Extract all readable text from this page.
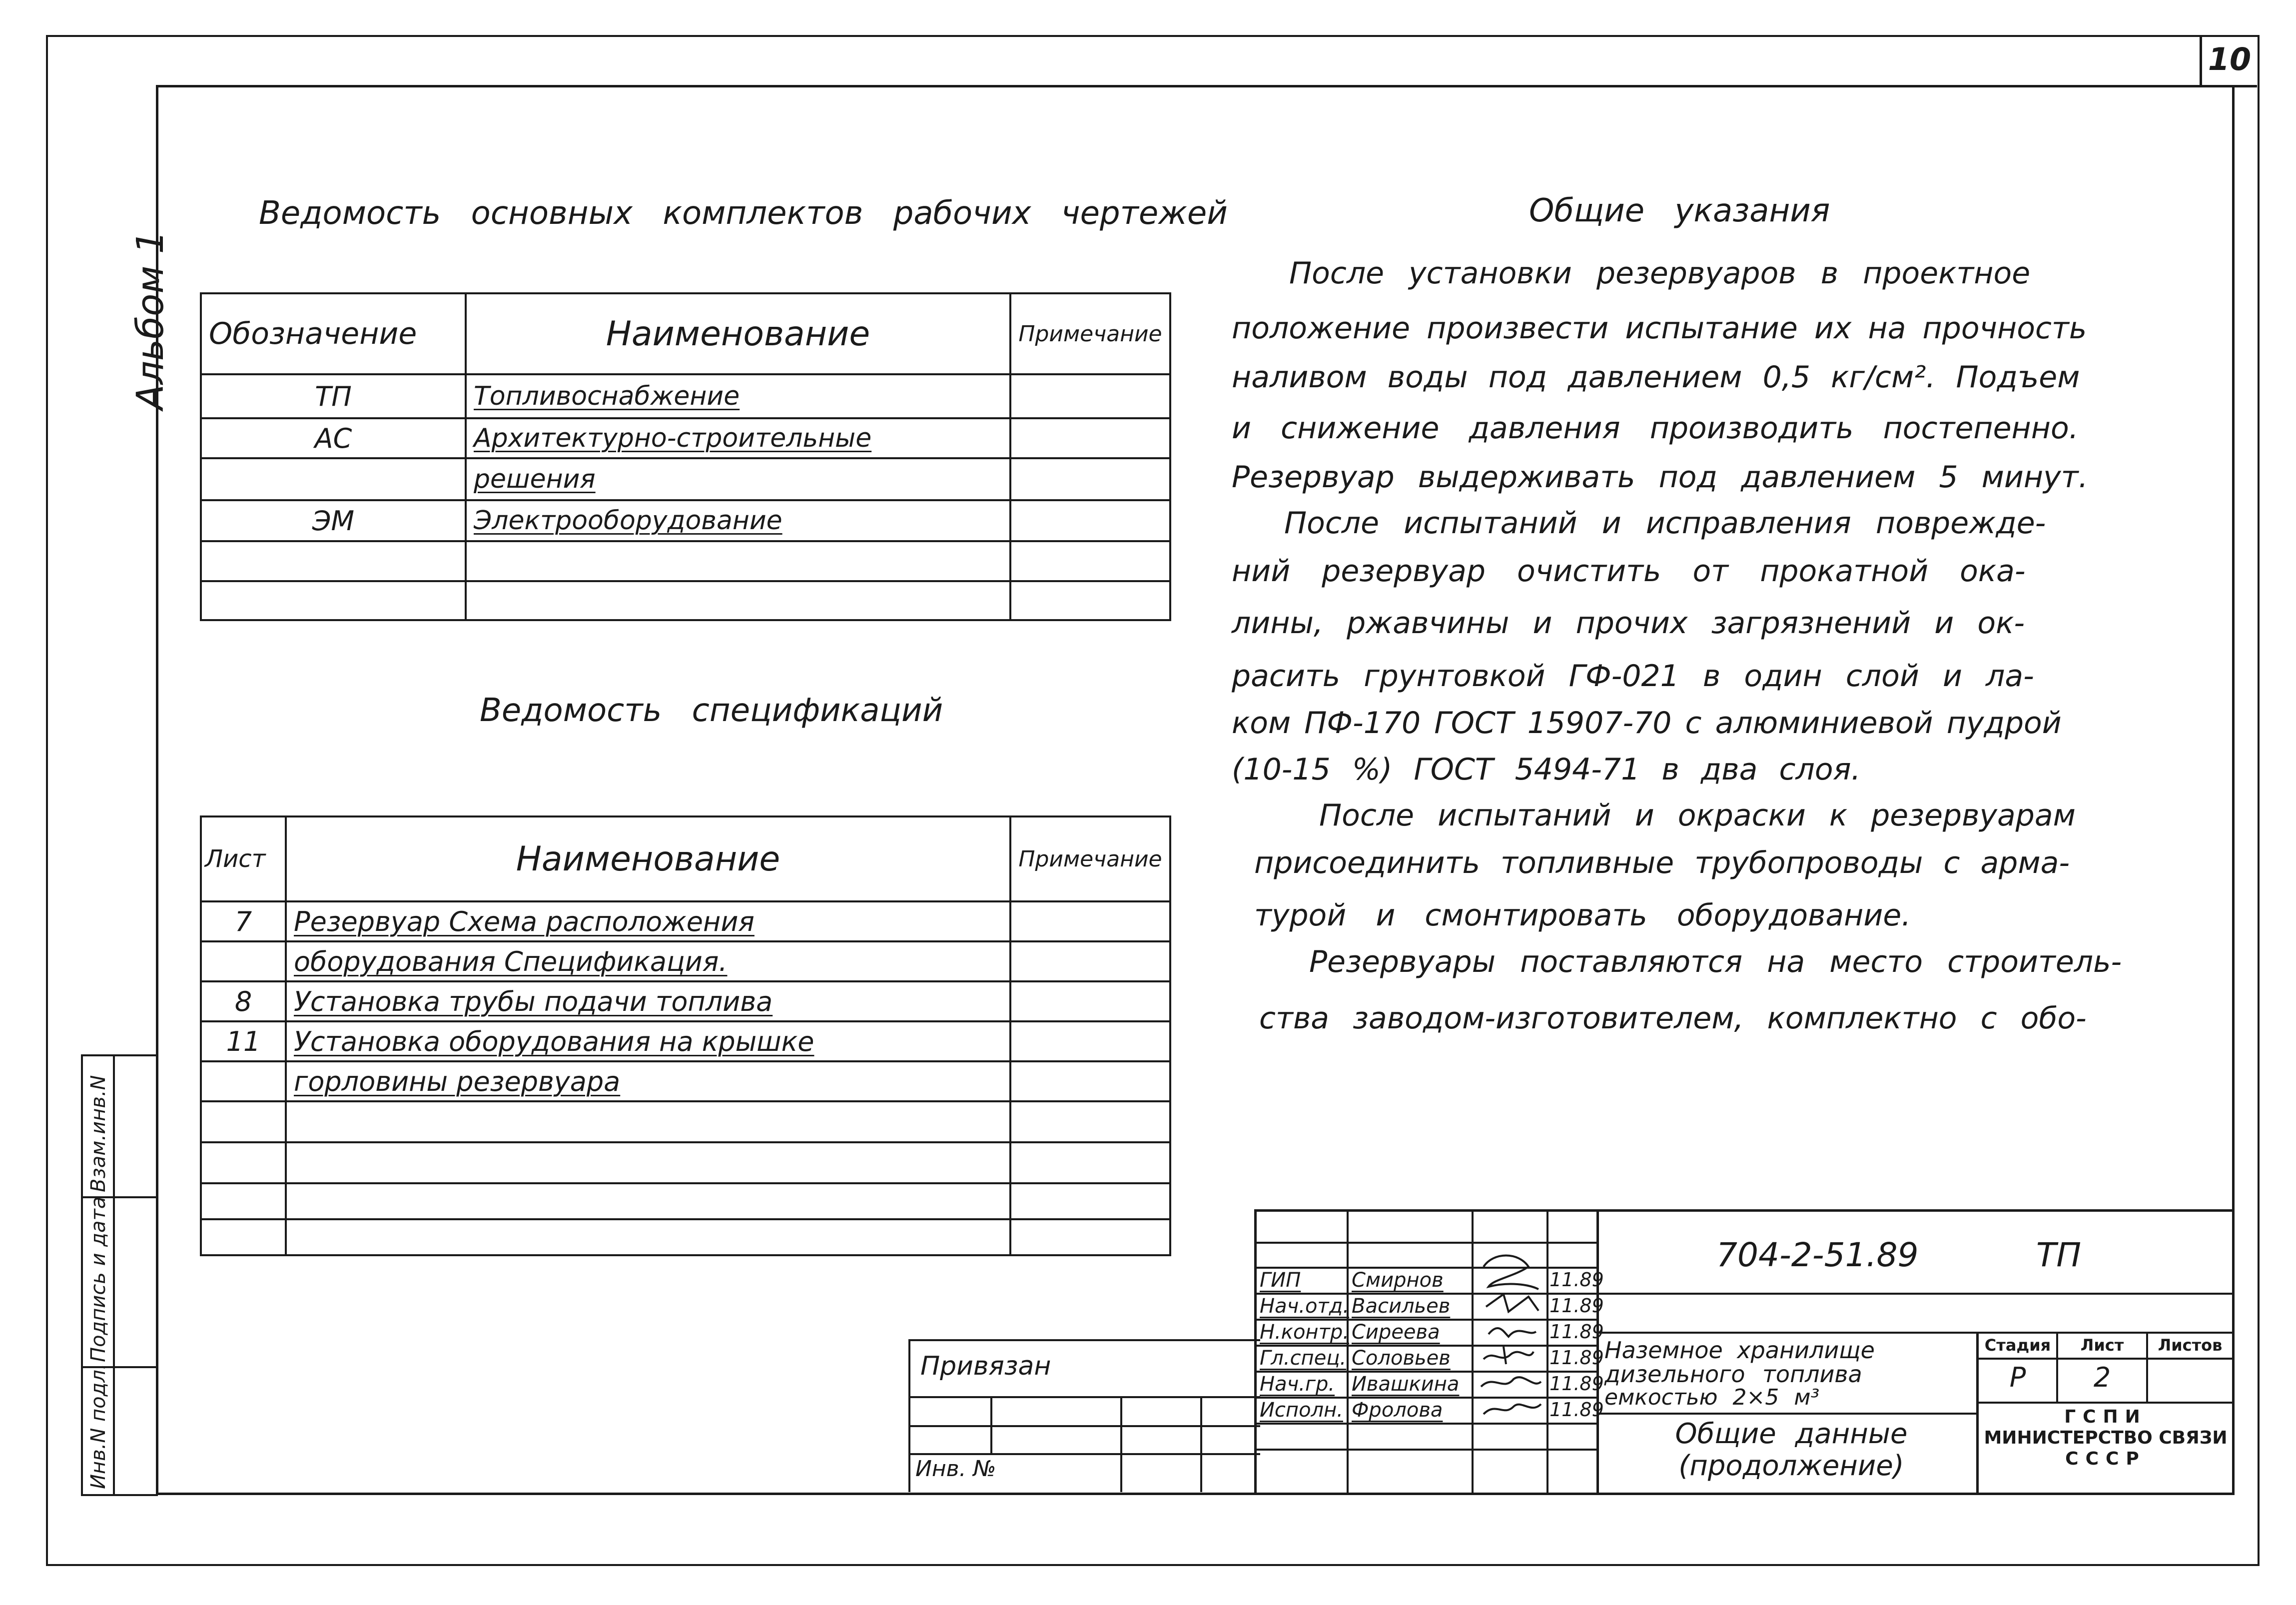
10
Альбом 1
Инв.N подл.
Подпись и дата
Взам.инв.N
Ведомость основных комплектов рабочих чертежей
Обозначение	Наименование	Примечание
ТП	Топливоснабжение	
АС	Архитектурно-строительные	
	решения	
ЭМ	Электрооборудование	

Ведомость спецификаций
Лист	Наименование	Примечание
7	Резервуар Схема расположения	
	оборудования Спецификация.	
8	Установка трубы подачи топлива	
11	Установка оборудования на крышке	
	горловины резервуара	

Общие указания
После установки резервуаров в проектное
положение произвести испытание их на прочность
наливом воды под давлением 0,5 кг/см². Подъем
и снижение давления производить постепенно.
Резервуар выдерживать под давлением 5 минут.
После испытаний и исправления поврежде-
ний резервуар очистить от прокатной ока-
лины, ржавчины и прочих загрязнений и ок-
расить грунтовкой ГФ-021 в один слой и ла-
ком ПФ-170 ГОСТ 15907-70 с алюминиевой пудрой
(10-15 %) ГОСТ 5494-71 в два слоя.
После испытаний и окраски к резервуарам
присоединить топливные трубопроводы с арма-
турой и смонтировать оборудование.
Резервуары поставляются на место строитель-
ства заводом-изготовителем, комплектно с обо-
Привязан
Инв. №
704-2-51.89	ТП
ГИП	Смирнов	11.89
Нач.отд. Васильев	11.89
Н.контр. Сиреева	11.89
Гл.спец. Соловьев	11.89
Нач.гр. Ивашкина	11.89
Исполн. Фролова	11.89
Наземное хранилище
дизельного топлива
емкостью 2×5 м³
Общие данные
(продолжение)
Стадия	Лист	Листов
Р	2
ГСПИ
МИНИСТЕРСТВО СВЯЗИ
СССР
